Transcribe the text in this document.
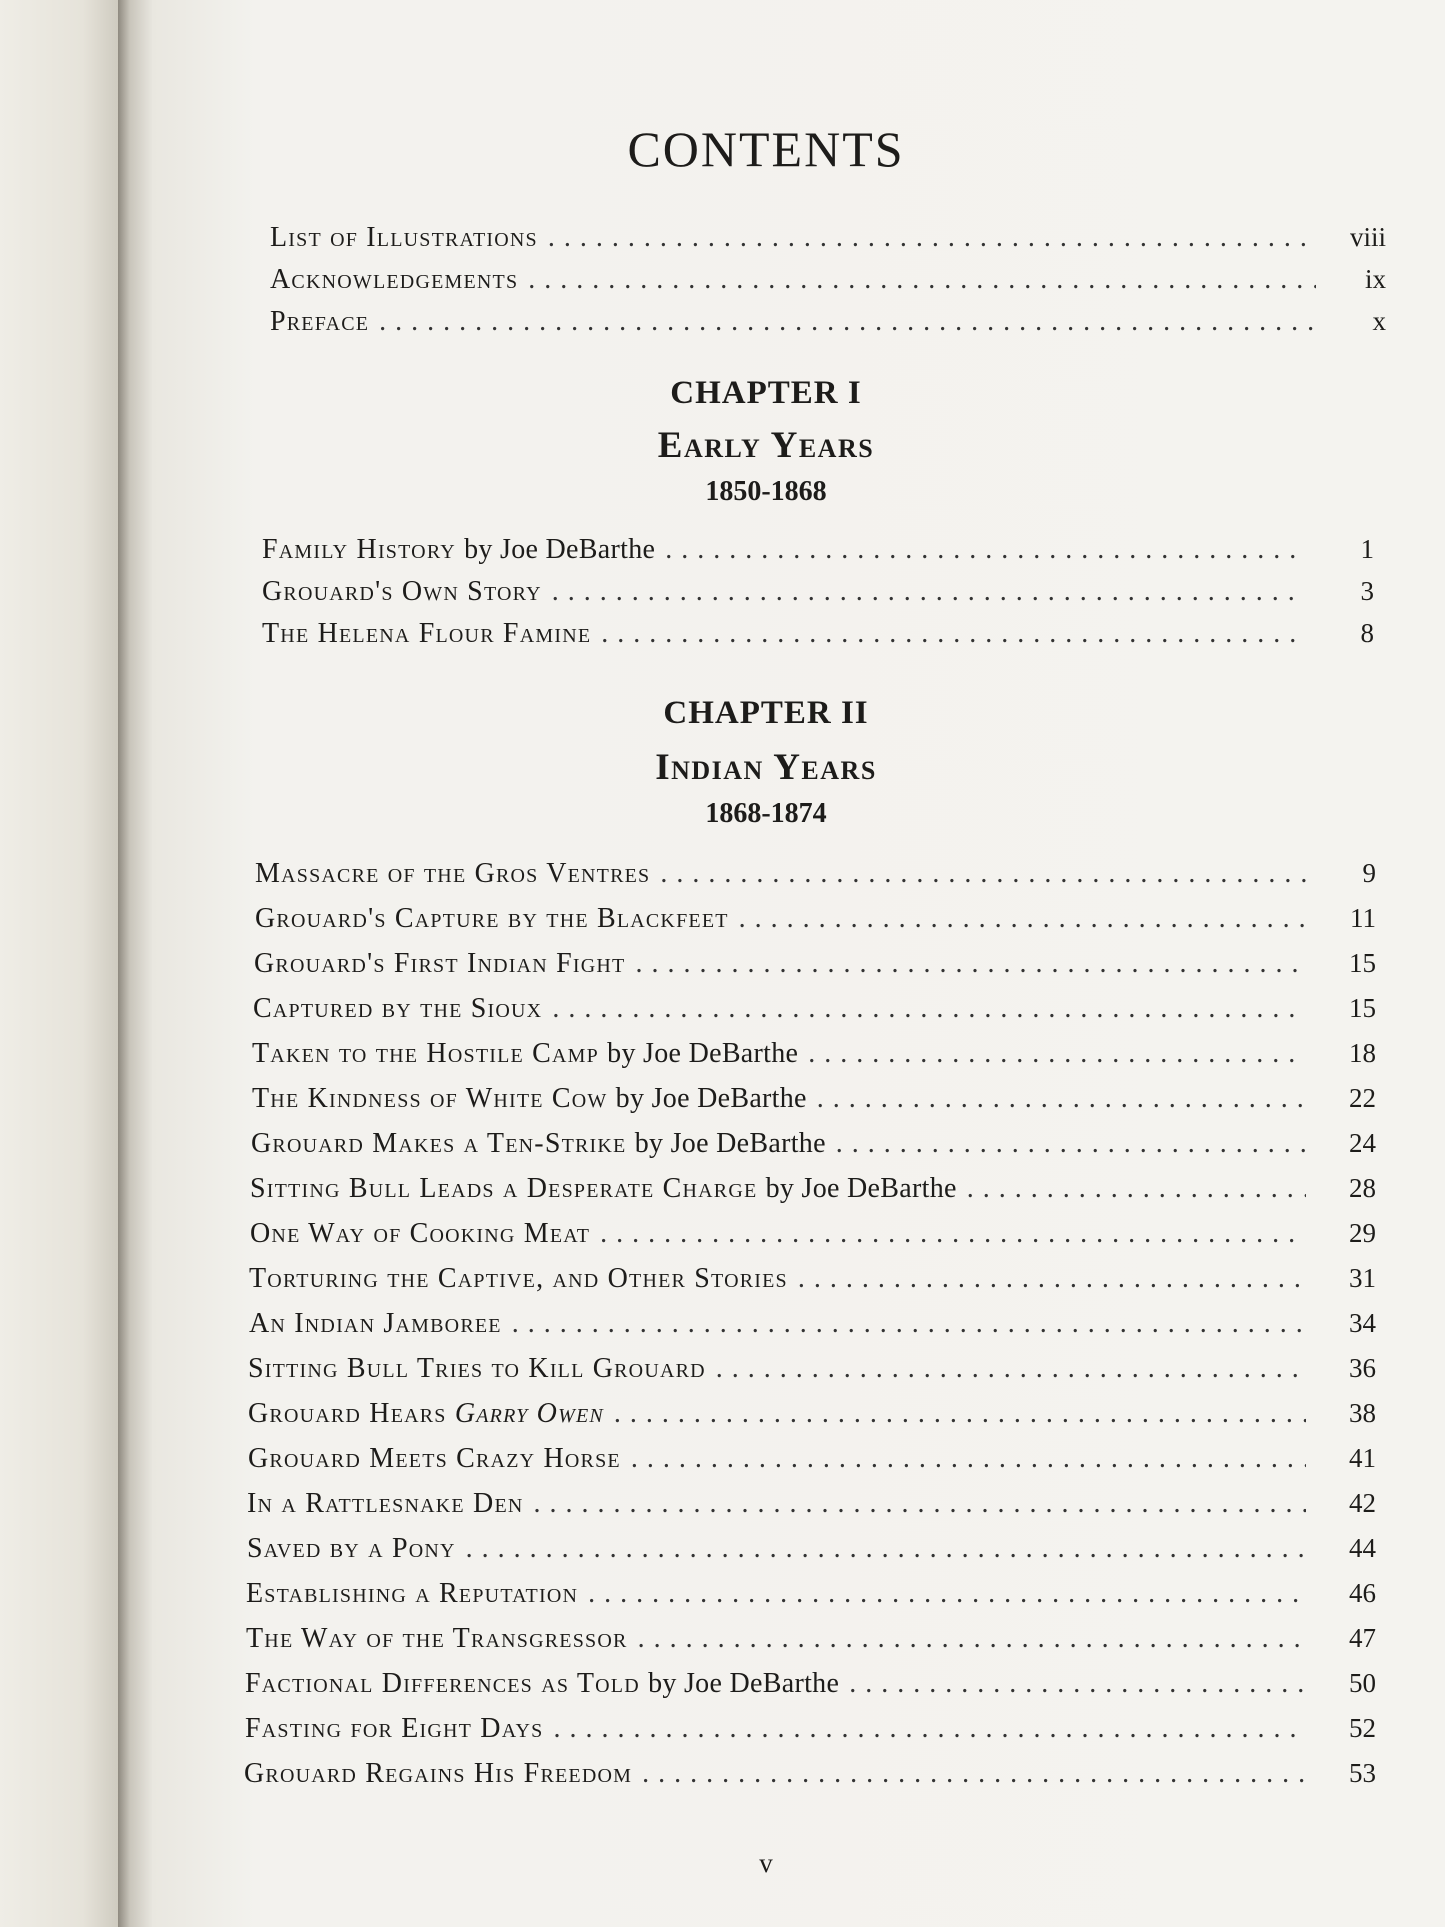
CONTENTS
List of Illustrations . . .	viii
Acknowledgements . . .	ix
Preface . . .	x
CHAPTER I
Early Years
1850-1868
Family History by Joe DeBarthe . . .	1
Grouard's Own Story . . .	3
The Helena Flour Famine . . .	8
CHAPTER II
Indian Years
1868-1874
Massacre of the Gros Ventres . . .	9
Grouard's Capture by the Blackfeet . . .	11
Grouard's First Indian Fight . . .	15
Captured by the Sioux . . .	15
Taken to the Hostile Camp by Joe DeBarthe . . .	18
The Kindness of White Cow by Joe DeBarthe . . .	22
Grouard Makes a Ten-Strike by Joe DeBarthe . . .	24
Sitting Bull Leads a Desperate Charge by Joe DeBarthe . . .	28
One Way of Cooking Meat . . .	29
Torturing the Captive, and Other Stories . . .	31
An Indian Jamboree . . .	34
Sitting Bull Tries to Kill Grouard . . .	36
Grouard Hears Garry Owen . . .	38
Grouard Meets Crazy Horse . . .	41
In a Rattlesnake Den . . .	42
Saved by a Pony . . .	44
Establishing a Reputation . . .	46
The Way of the Transgressor . . .	47
Factional Differences as Told by Joe DeBarthe . . .	50
Fasting for Eight Days . . .	52
Grouard Regains His Freedom . . .	53
v
